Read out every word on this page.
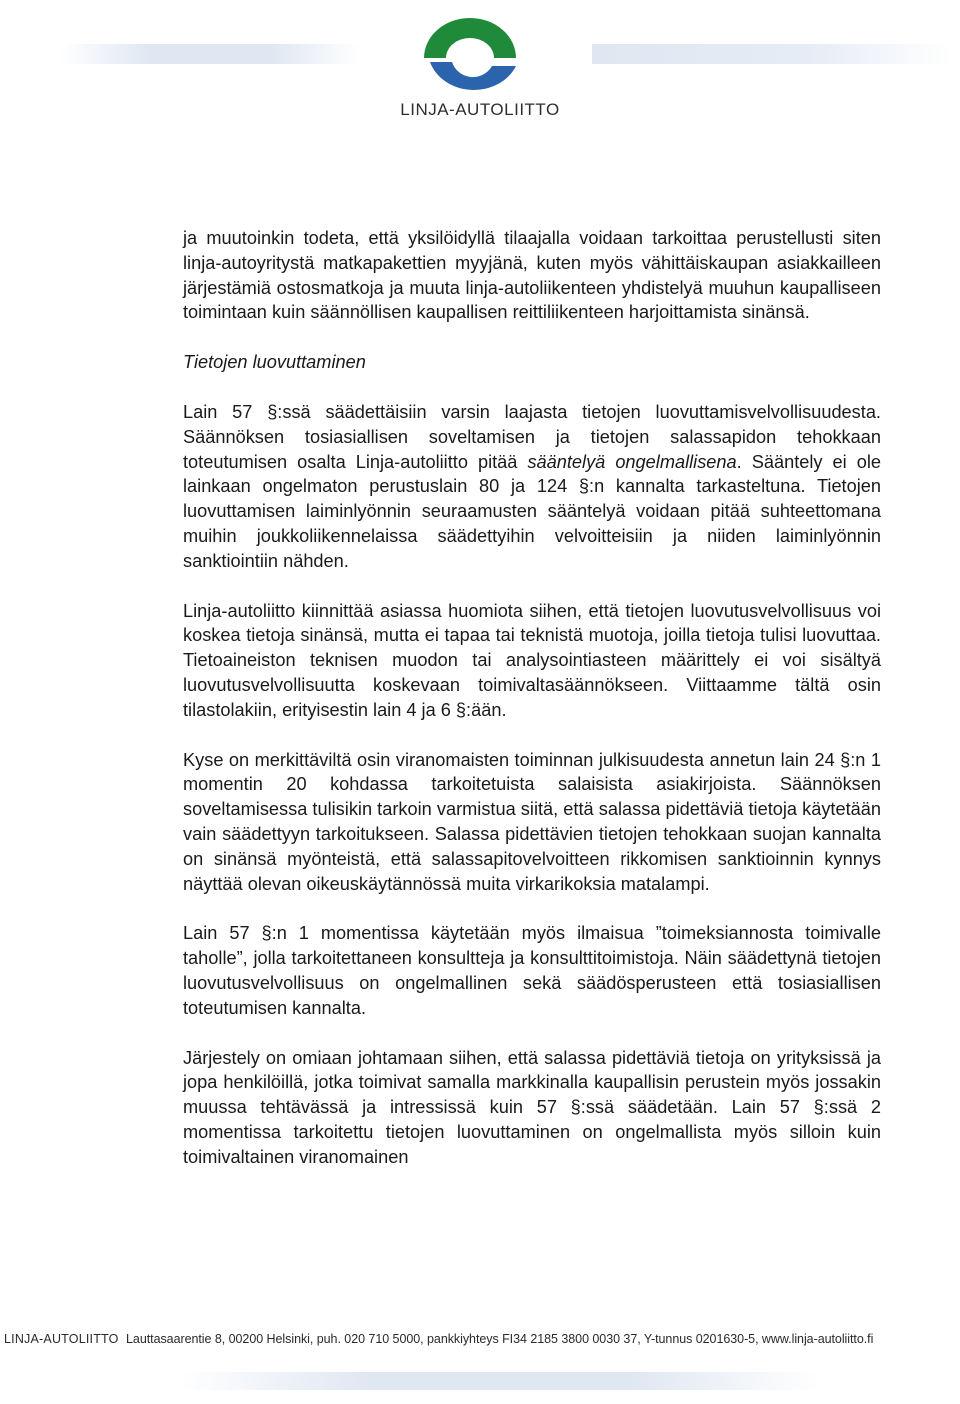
LINJA-AUTOLIITTO

ja muutoinkin todeta, että yksilöidyllä tilaajalla voidaan tarkoittaa perustellusti siten linja-autoyritystä matkapakettien myyjänä, kuten myös vähittäiskaupan asiakkailleen järjestämiä ostosmatkoja ja muuta linja-autoliikenteen yhdistelyä muuhun kaupalliseen toimintaan kuin säännöllisen kaupallisen reittiliikenteen harjoittamista sinänsä.

Tietojen luovuttaminen

Lain 57 §:ssä säädettäisiin varsin laajasta tietojen luovuttamisvelvollisuudesta. Säännöksen tosiasiallisen soveltamisen ja tietojen salassapidon tehokkaan toteutumisen osalta Linja-autoliitto pitää sääntelyä ongelmallisena. Sääntely ei ole lainkaan ongelmaton perustuslain 80 ja 124 §:n kannalta tarkasteltuna. Tietojen luovuttamisen laiminlyönnin seuraamusten sääntelyä voidaan pitää suhteettomana muihin joukkoliikennelaissa säädettyihin velvoitteisiin ja niiden laiminlyönnin sanktiointiin nähden.

Linja-autoliitto kiinnittää asiassa huomiota siihen, että tietojen luovutusvelvollisuus voi koskea tietoja sinänsä, mutta ei tapaa tai teknistä muotoja, joilla tietoja tulisi luovuttaa. Tietoaineiston teknisen muodon tai analysointiasteen määrittely ei voi sisältyä luovutusvelvollisuutta koskevaan toimivaltasäännökseen. Viittaamme tältä osin tilastolakiin, erityisestin lain 4 ja 6 §:ään.

Kyse on merkittäviltä osin viranomaisten toiminnan julkisuudesta annetun lain 24 §:n 1 momentin 20 kohdassa tarkoitetuista salaisista asiakirjoista. Säännöksen soveltamisessa tulisikin tarkoin varmistua siitä, että salassa pidettäviä tietoja käytetään vain säädettyyn tarkoitukseen. Salassa pidettävien tietojen tehokkaan suojan kannalta on sinänsä myönteistä, että salassapitovelvoitteen rikkomisen sanktioinnin kynnys näyttää olevan oikeuskäytännössä muita virkarikoksia matalampi.

Lain 57 §:n 1 momentissa käytetään myös ilmaisua ”toimeksiannosta toimivalle taholle”, jolla tarkoitettaneen konsultteja ja konsulttitoimistoja. Näin säädettynä tietojen luovutusvelvollisuus on ongelmallinen sekä säädösperusteen että tosiasiallisen toteutumisen kannalta.

Järjestely on omiaan johtamaan siihen, että salassa pidettäviä tietoja on yrityksissä ja jopa henkilöillä, jotka toimivat samalla markkinalla kaupallisin perustein myös jossakin muussa tehtävässä ja intressissä kuin 57 §:ssä säädetään. Lain 57 §:ssä 2 momentissa tarkoitettu tietojen luovuttaminen on ongelmallista myös silloin kuin toimivaltainen viranomainen

LINJA-AUTOLIITTO Lauttasaarentie 8, 00200 Helsinki, puh. 020 710 5000, pankkiyhteys FI34 2185 3800 0030 37, Y-tunnus 0201630-5, www.linja-autoliitto.fi
